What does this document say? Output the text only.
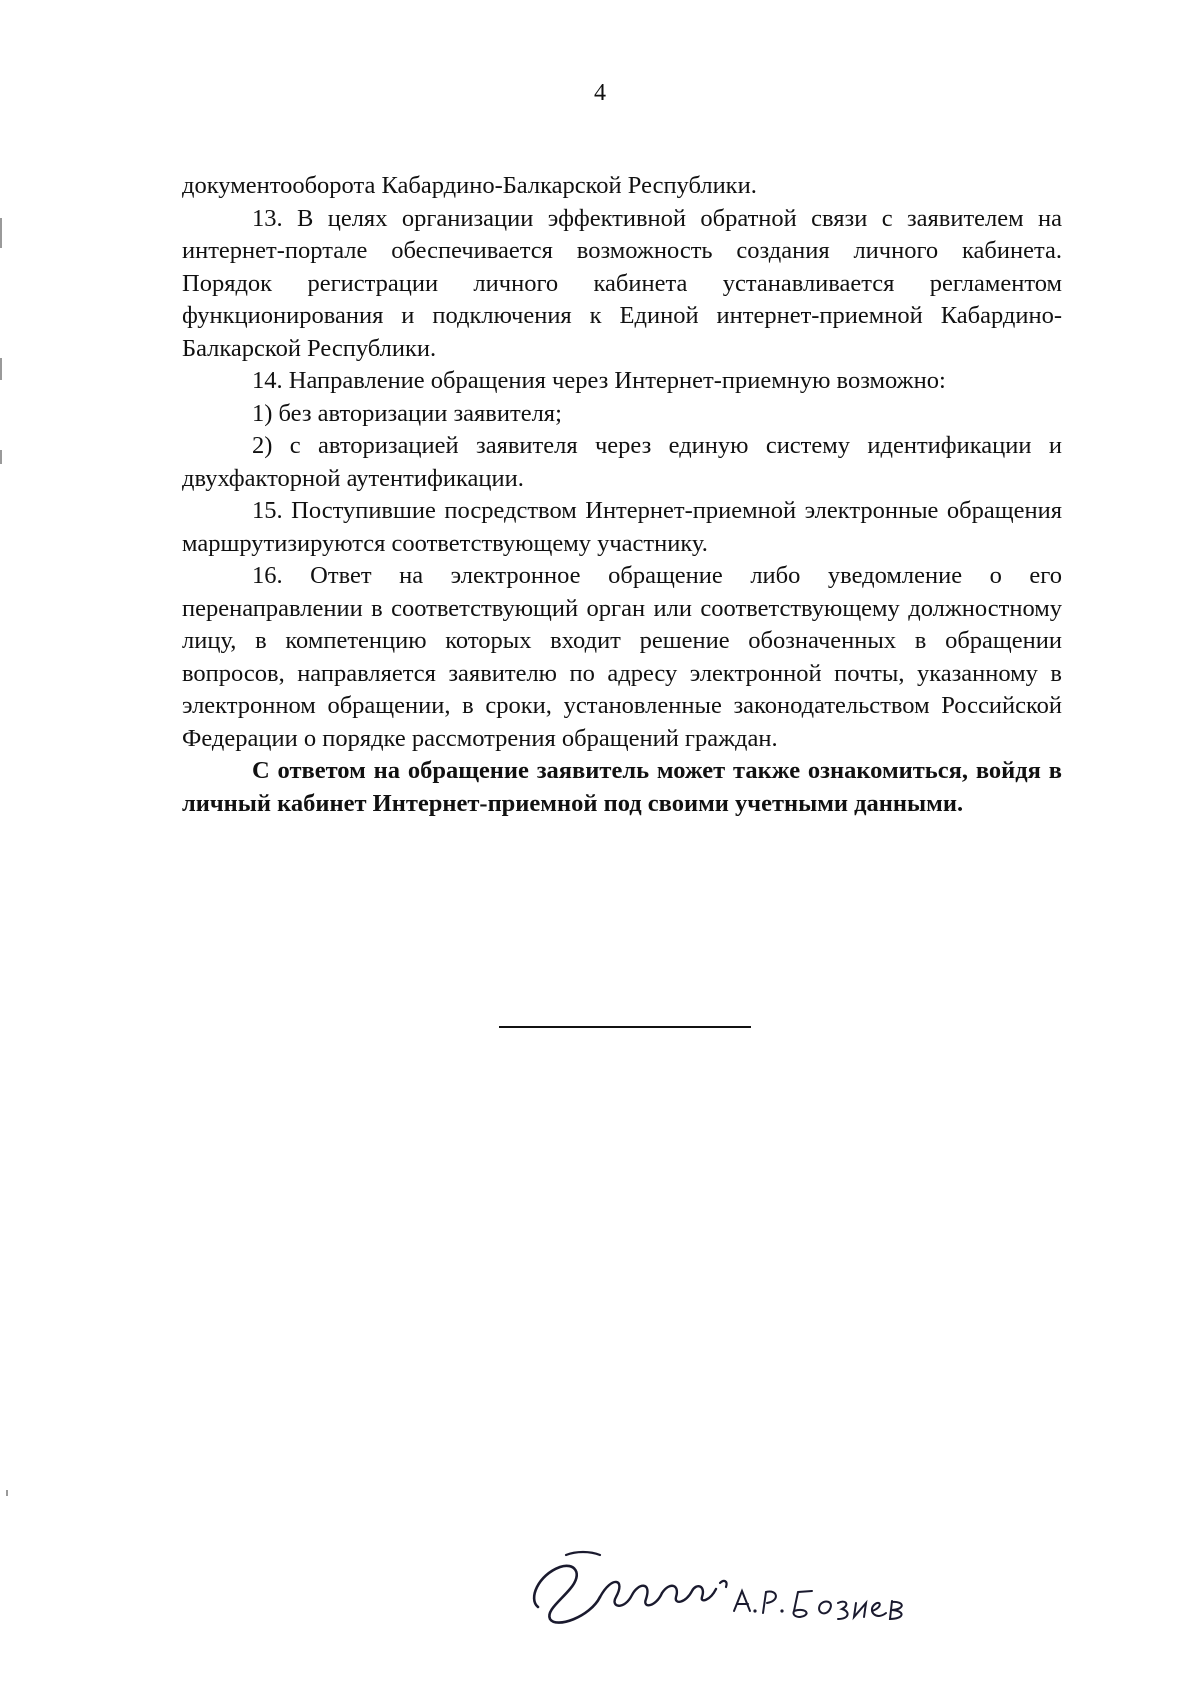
4

документооборота Кабардино-Балкарской Республики.

13. В целях организации эффективной обратной связи с заявителем на интернет-портале обеспечивается возможность создания личного кабинета. Порядок регистрации личного кабинета устанавливается регламентом функционирования и подключения к Единой интернет-приемной Кабардино-Балкарской Республики.

14. Направление обращения через Интернет-приемную возможно:

1) без авторизации заявителя;

2) с авторизацией заявителя через единую систему идентификации и двухфакторной аутентификации.

15. Поступившие посредством Интернет-приемной электронные обращения маршрутизируются соответствующему участнику.

16. Ответ на электронное обращение либо уведомление о его перенаправлении в соответствующий орган или соответствующему должностному лицу, в компетенцию которых входит решение обозначенных в обращении вопросов, направляется заявителю по адресу электронной почты, указанному в электронном обращении, в сроки, установленные законодательством Российской Федерации о порядке рассмотрения обращений граждан.

С ответом на обращение заявитель может также ознакомиться, войдя в личный кабинет Интернет-приемной под своими учетными данными.
